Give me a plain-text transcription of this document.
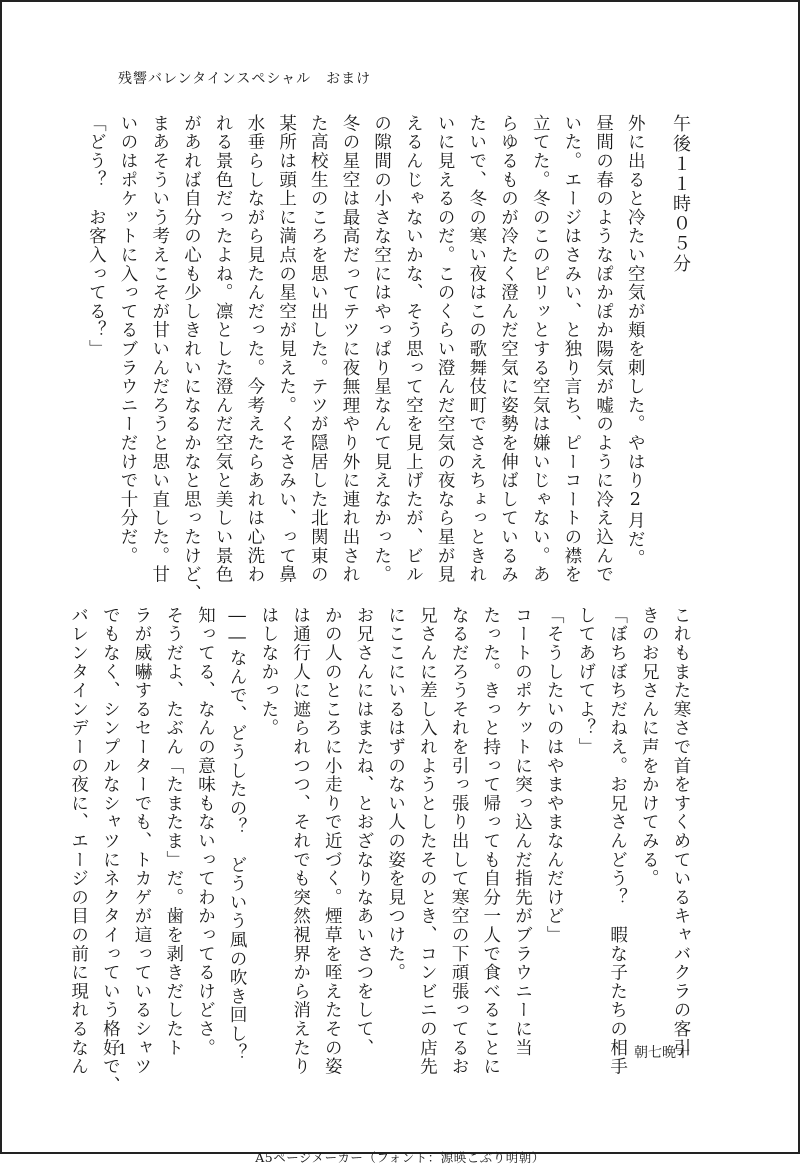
残響バレンタインスペシャル　おまけ

午後１１時０５分

外に出ると冷たい空気が頬を刺した。やはり2月だ。

昼間の春のようなぽかぽか陽気が嘘のように冷え込んで

いた。エージはさみい、と独り言ち、ピーコートの襟を

立てた。冬のこのピリッとする空気は嫌いじゃない。あ

らゆるものが冷たく澄んだ空気に姿勢を伸ばしているみ

たいで、冬の寒い夜はこの歌舞伎町でさえちょっときれ

いに見えるのだ。このくらい澄んだ空気の夜なら星が見

えるんじゃないかな、そう思って空を見上げたが、ビル

の隙間の小さな空にはやっぱり星なんて見えなかった。

冬の星空は最高だってテツに夜無理やり外に連れ出され

た高校生のころを思い出した。テツが隠居した北関東の

某所は頭上に満点の星空が見えた。くそさみい、って鼻

水垂らしながら見たんだった。今考えたらあれは心洗わ

れる景色だったよね。凛とした澄んだ空気と美しい景色

があれば自分の心も少しきれいになるかなと思ったけど、

まあそういう考えこそが甘いんだろうと思い直した。甘

いのはポケットに入ってるブラウニーだけで十分だ。

「どう？　お客入ってる？」

これもまた寒さで首をすくめているキャバクラの客引

きのお兄さんに声をかけてみる。

「ぼちぼちだねえ。お兄さんどう？　暇な子たちの相手

してあげてよ？」

「そうしたいのはやまやまなんだけど」

コートのポケットに突っ込んだ指先がブラウニーに当

たった。きっと持って帰っても自分一人で食べることに

なるだろうそれを引っ張り出して寒空の下頑張ってるお

兄さんに差し入れようとしたそのとき、コンビニの店先

にここにいるはずのない人の姿を見つけた。

お兄さんにはまたね、とおざなりなあいさつをして、

かの人のところに小走りで近づく。煙草を咥えたその姿

は通行人に遮られつつ、それでも突然視界から消えたり

はしなかった。

――なんで、どうしたの？　どういう風の吹き回し？

知ってる、なんの意味もないってわかってるけどさ。

そうだよ、たぶん「たまたま」だ。歯を剥きだしたト

ラが威嚇するセーターでも、トカゲが這っているシャツ

でもなく、シンプルなシャツにネクタイっていう格好で、

バレンタインデーの夜に、エージの目の前に現れるなん	1	朝七晩十
A5ページメーカー（フォント：源暎こぶり明朝）
